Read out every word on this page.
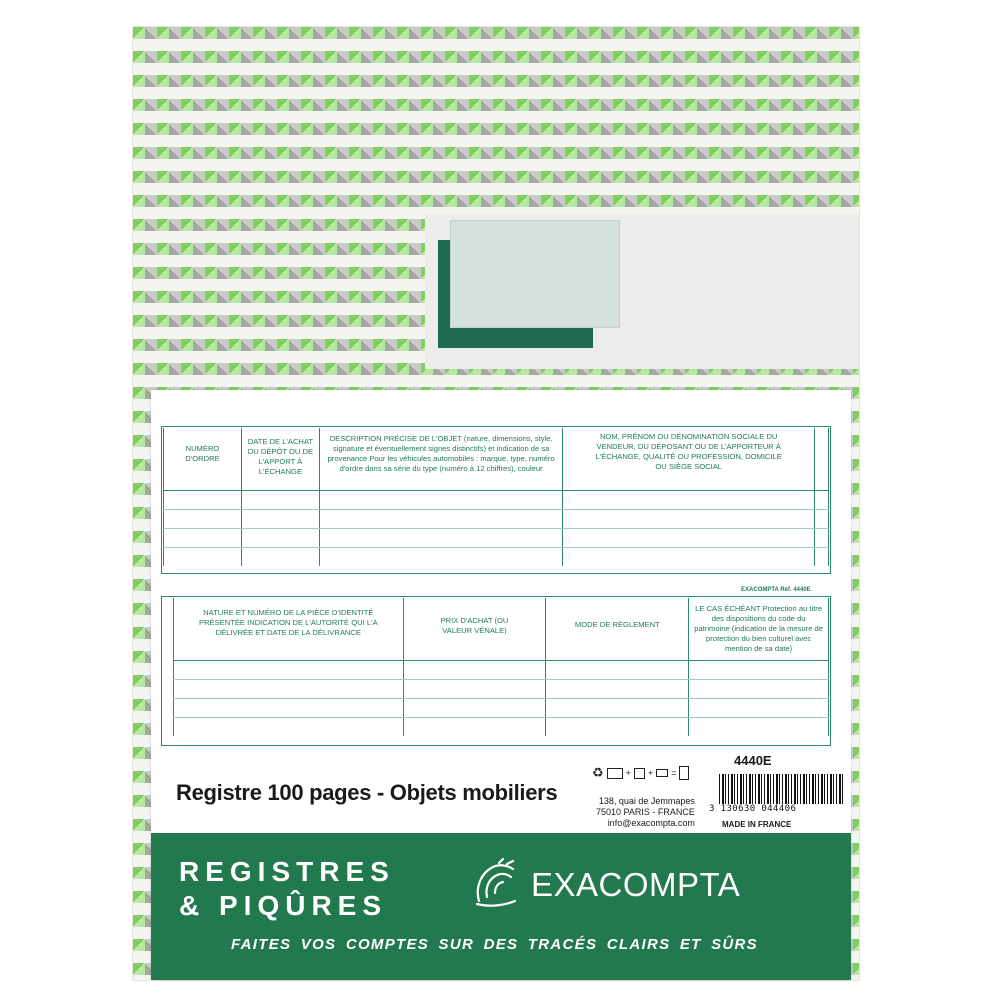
NUMÉRO D'ORDRE	DATE DE L'ACHAT DU DÉPÔT OU DE L'APPORT À L'ÉCHANGE	DESCRIPTION PRÉCISE DE L'OBJET (nature, dimensions, style, signature et éventuellement signes distinctifs) et indication de sa provenance Pour les véhicules automobiles : marque, type, numéro d'ordre dans sa série du type (numéro à 12 chiffres), couleur	NOM, PRÉNOM OU DÉNOMINATION SOCIALE DU VENDEUR, DU DÉPOSANT OU DE L'APPORTEUR À L'ÉCHANGE, QUALITÉ OU PROFESSION, DOMICILE OU SIÈGE SOCIAL	

EXACOMPTA Réf. 4440E
NATURE ET NUMÉRO DE LA PIÈCE D'IDENTITÉ PRÉSENTÉE INDICATION DE L'AUTORITÉ QUI L'A DÉLIVRÉE ET DATE DE LA DÉLIVRANCE	PRIX D'ACHAT (OU VALEUR VÉNALE)	MODE DE RÈGLEMENT	LE CAS ÉCHÉANT Protection au titre des dispositions du code du patrimoine (indication de la mesure de protection du bien culturel avec mention de sa date)

♻ + + =
4440E
Registre 100 pages - Objets mobiliers	138, quai de Jemmapes
75010 PARIS - FRANCE
info@exacompta.com
3 130630 044406
MADE IN FRANCE
REGISTRES
& PIQÛRES
EXACOMPTA
FAITES VOS COMPTES SUR DES TRACÉS CLAIRS ET SÛRS
